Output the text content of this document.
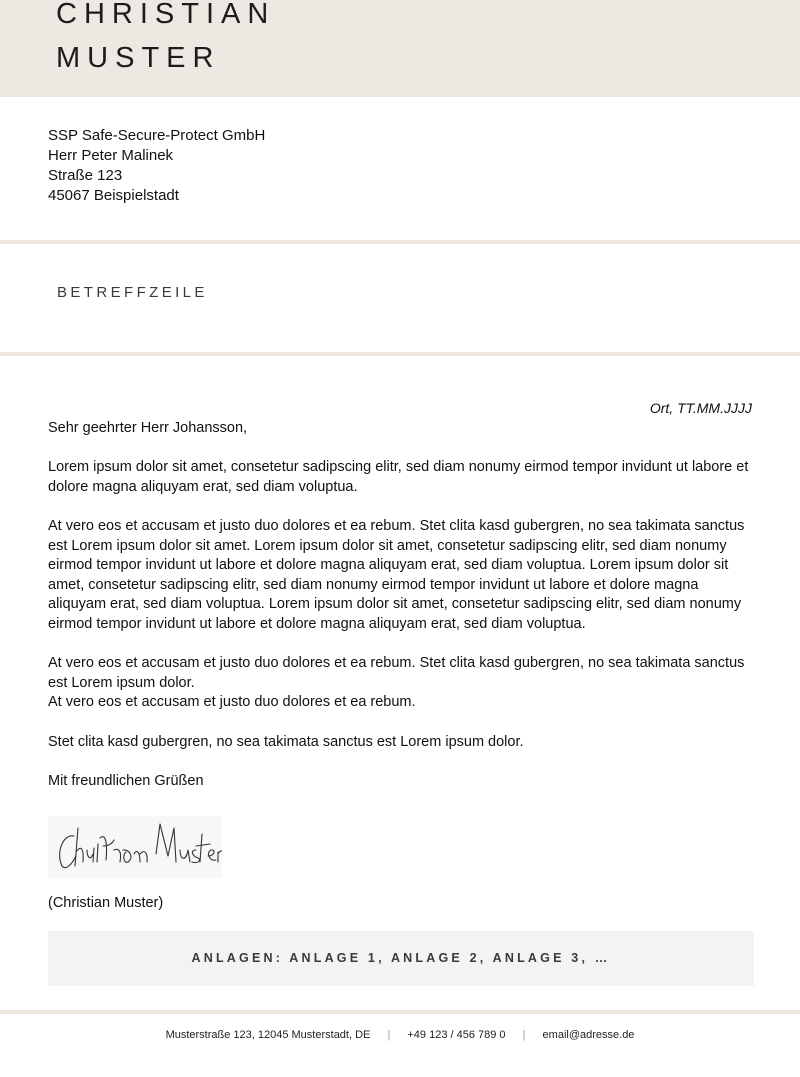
CHRISTIAN
MUSTER
SSP Safe-Secure-Protect GmbH
Herr Peter Malinek
Straße 123
45067 Beispielstadt
BETREFFZEILE
Ort, TT.MM.JJJJ

Sehr geehrter Herr Johansson,

Lorem ipsum dolor sit amet, consetetur sadipscing elitr, sed diam nonumy eirmod tempor invidunt ut labore et dolore magna aliquyam erat, sed diam voluptua.

At vero eos et accusam et justo duo dolores et ea rebum. Stet clita kasd gubergren, no sea takimata sanctus est Lorem ipsum dolor sit amet. Lorem ipsum dolor sit amet, consetetur sadipscing elitr, sed diam nonumy eirmod tempor invidunt ut labore et dolore magna aliquyam erat, sed diam voluptua. Lorem ipsum dolor sit amet, consetetur sadipscing elitr, sed diam nonumy eirmod tempor invidunt ut labore et dolore magna aliquyam erat, sed diam voluptua. Lorem ipsum dolor sit amet, consetetur sadipscing elitr, sed diam nonumy eirmod tempor invidunt ut labore et dolore magna aliquyam erat, sed diam voluptua.

At vero eos et accusam et justo duo dolores et ea rebum. Stet clita kasd gubergren, no sea takimata sanctus est Lorem ipsum dolor.
At vero eos et accusam et justo duo dolores et ea rebum.

Stet clita kasd gubergren, no sea takimata sanctus est Lorem ipsum dolor.

Mit freundlichen Grüßen

(Christian Muster)
ANLAGEN: ANLAGE 1, ANLAGE 2, ANLAGE 3, …
Musterstraße 123, 12045 Musterstadt, DE | +49 123 / 456 789 0 | email@adresse.de
